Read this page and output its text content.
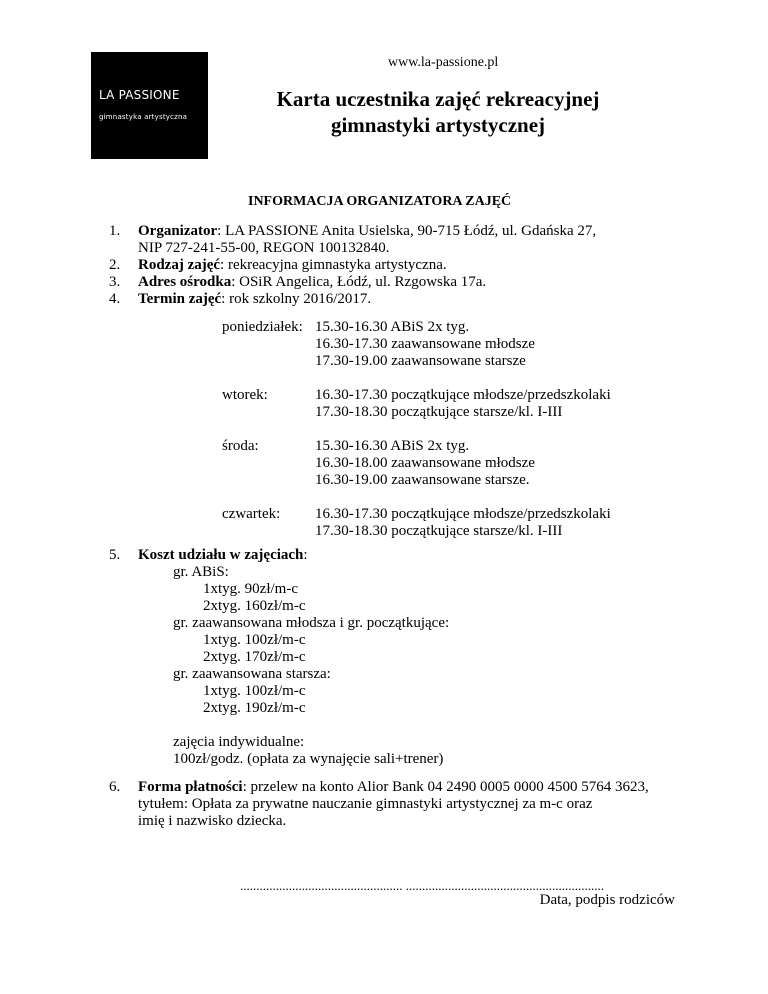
LA PASSIONE
gimnastyka artystyczna
www.la-passione.pl
Karta uczestnika zajęć rekreacyjnej
gimnastyki artystycznej
INFORMACJA ORGANIZATORA ZAJĘĆ
1. Organizator: LA PASSIONE Anita Usielska, 90-715 Łódź, ul. Gdańska 27,
NIP 727-241-55-00, REGON 100132840.
2. Rodzaj zajęć: rekreacyjna gimnastyka artystyczna.
3. Adres ośrodka: OSiR Angelica, Łódź, ul. Rzgowska 17a.
4. Termin zajęć: rok szkolny 2016/2017.
poniedziałek: 15.30-16.30 ABiS 2x tyg.
16.30-17.30 zaawansowane młodsze
17.30-19.00 zaawansowane starsze
wtorek:	16.30-17.30 początkujące młodsze/przedszkolaki
17.30-18.30 początkujące starsze/kl. I-III
środa:	15.30-16.30 ABiS 2x tyg.
16.30-18.00 zaawansowane młodsze
16.30-19.00 zaawansowane starsze.
czwartek: 16.30-17.30 początkujące młodsze/przedszkolaki
17.30-18.30 początkujące starsze/kl. I-III
5. Koszt udziału w zajęciach:
gr. ABiS:
1xtyg. 90zł/m-c
2xtyg. 160zł/m-c
gr. zaawansowana młodsza i gr. początkujące:
1xtyg. 100zł/m-c
2xtyg. 170zł/m-c
gr. zaawansowana starsza:
1xtyg. 100zł/m-c
2xtyg. 190zł/m-c
zajęcia indywidualne:
100zł/godz. (opłata za wynajęcie sali+trener)
6. Forma płatności: przelew na konto Alior Bank 04 2490 0005 0000 4500 5764 3623,
tytułem: Opłata za prywatne nauczanie gimnastyki artystycznej za m-c oraz
imię i nazwisko dziecka.
.................................................. .............................................................
Data, podpis rodziców
